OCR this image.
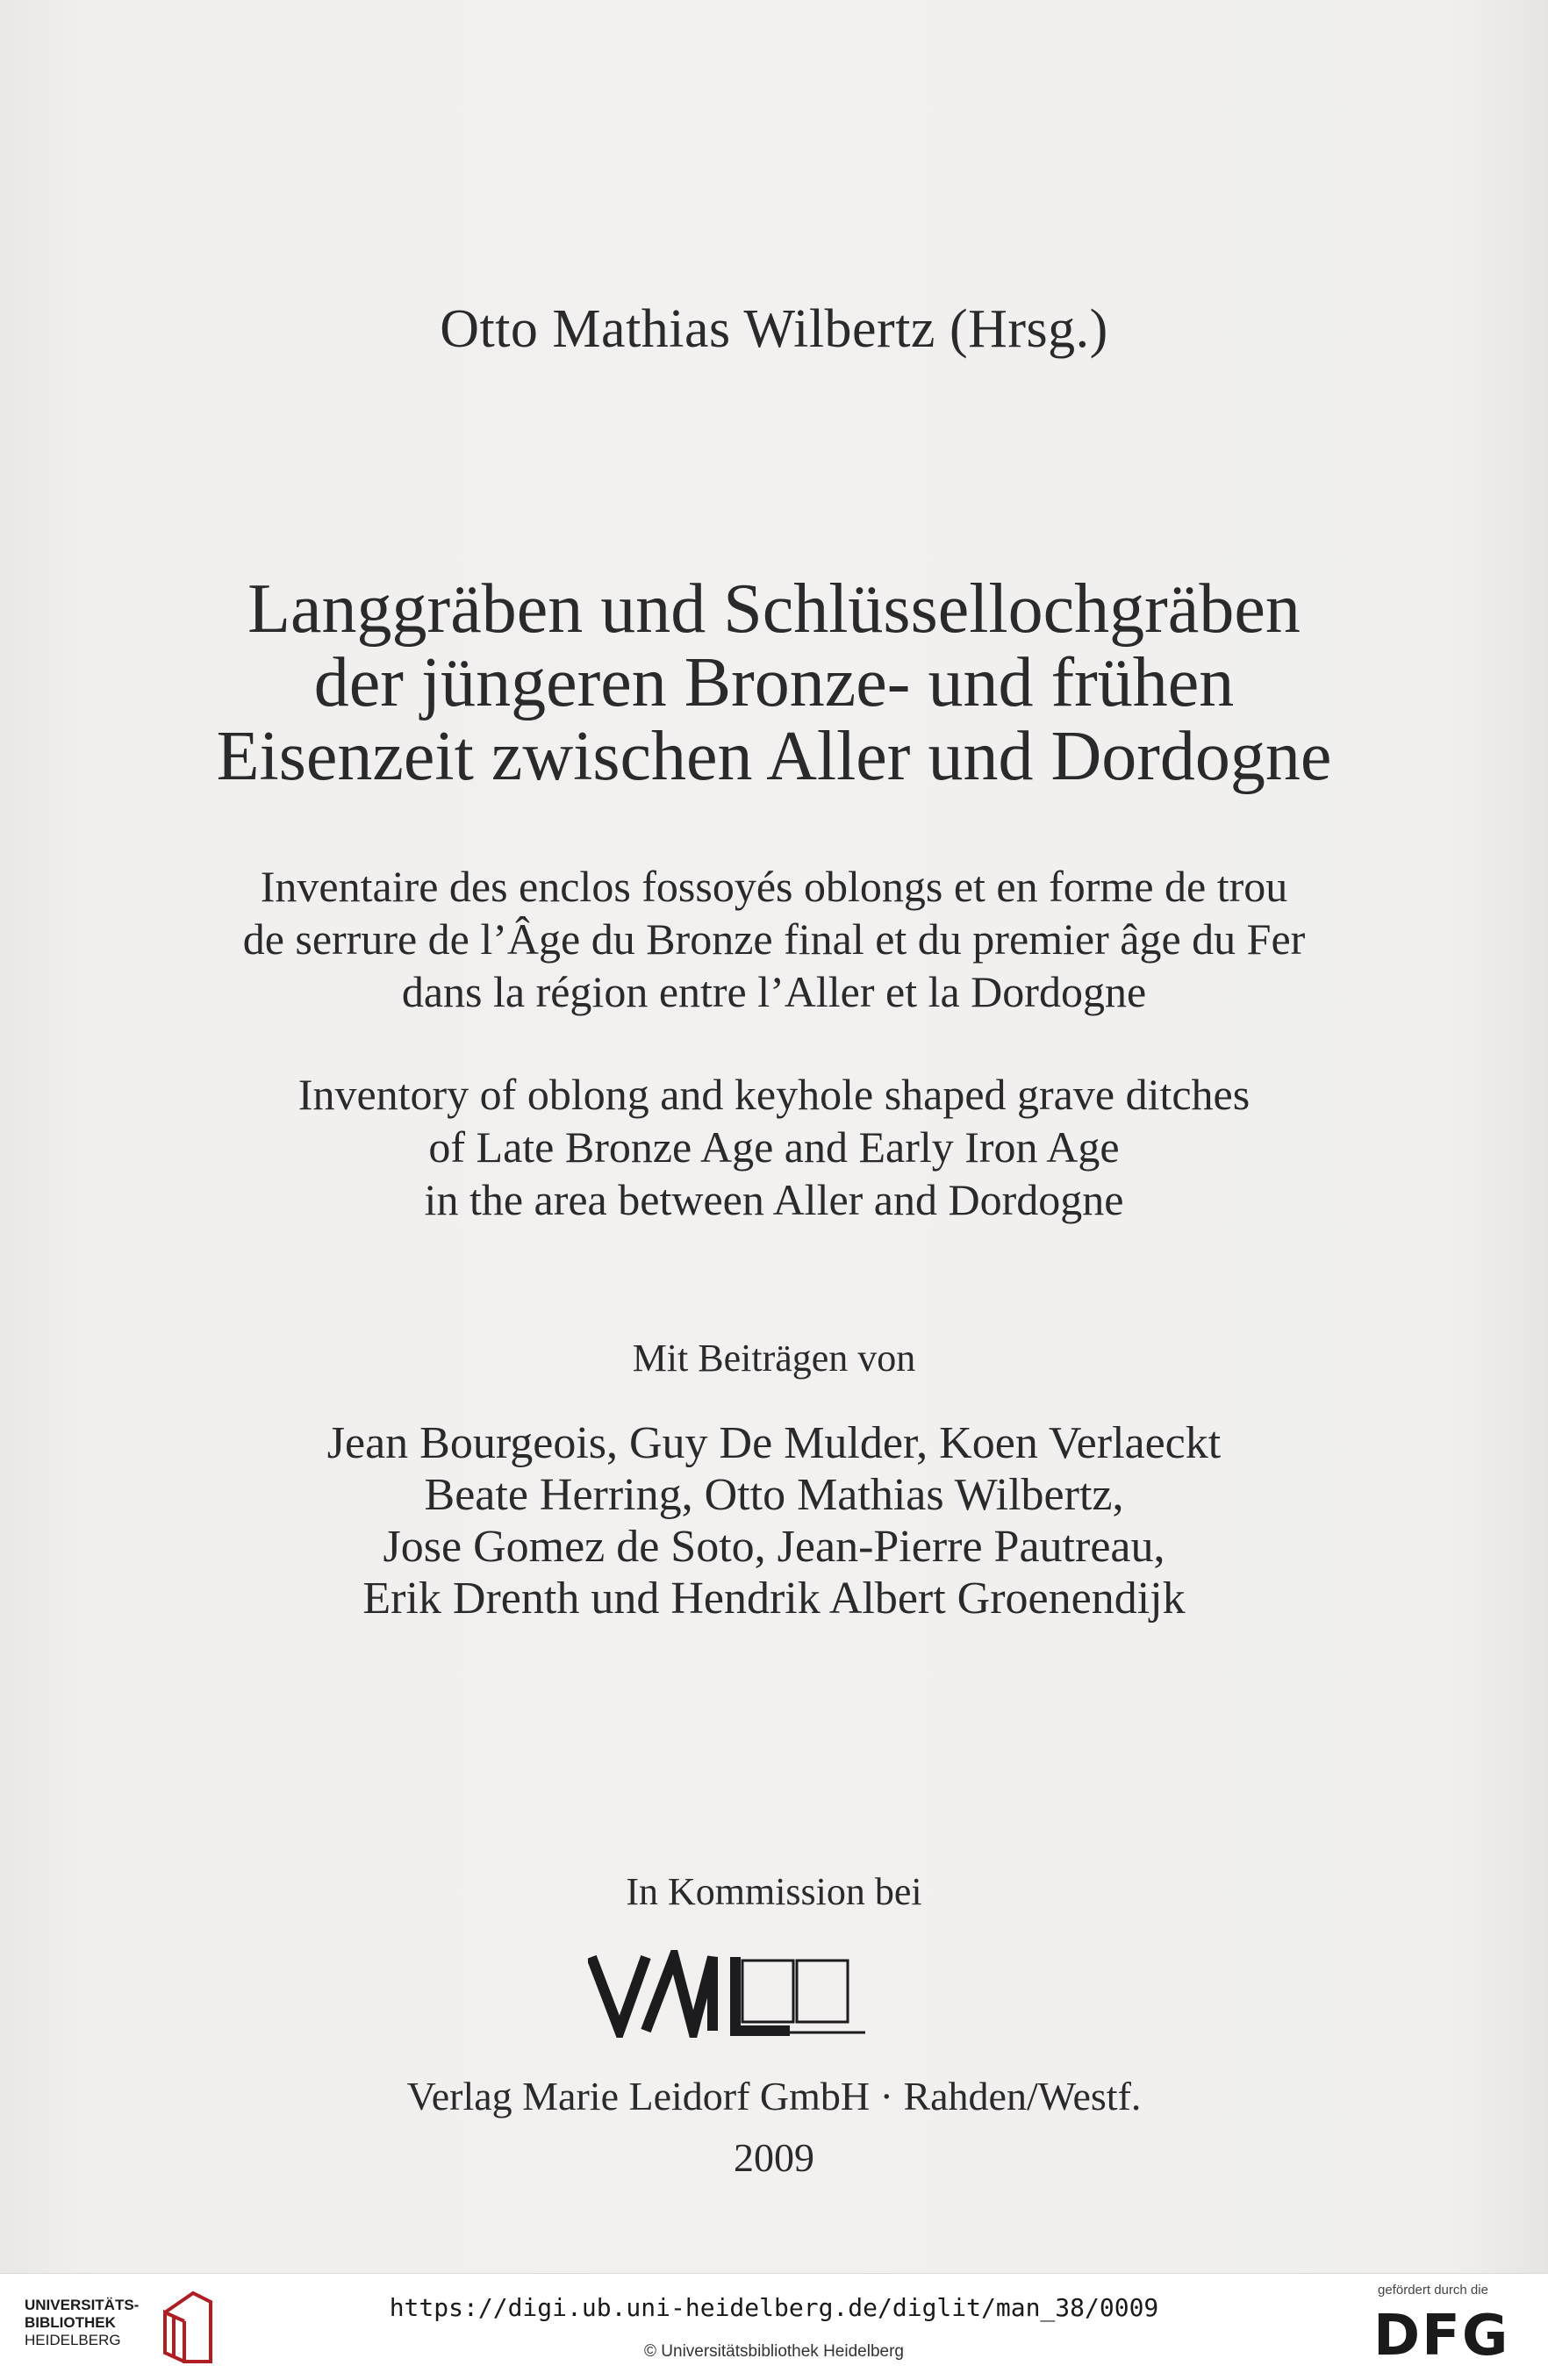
Otto Mathias Wilbertz (Hrsg.)
Langgräben und Schlüssellochgräben
der jüngeren Bronze- und frühen
Eisenzeit zwischen Aller und Dordogne
Inventaire des enclos fossoyés oblongs et en forme de trou
de serrure de l’Âge du Bronze final et du premier âge du Fer
dans la région entre l’Aller et la Dordogne
Inventory of oblong and keyhole shaped grave ditches
of Late Bronze Age and Early Iron Age
in the area between Aller and Dordogne
Mit Beiträgen von
Jean Bourgeois, Guy De Mulder, Koen Verlaeckt
Beate Herring, Otto Mathias Wilbertz,
Jose Gomez de Soto, Jean-Pierre Pautreau,
Erik Drenth und Hendrik Albert Groenendijk
In Kommission bei
Verlag Marie Leidorf GmbH · Rahden/Westf.
2009
UNIVERSITÄTS-
BIBLIOTHEK
HEIDELBERG
https://digi.ub.uni-heidelberg.de/diglit/man_38/0009
© Universitätsbibliothek Heidelberg
gefördert durch die
DFG
